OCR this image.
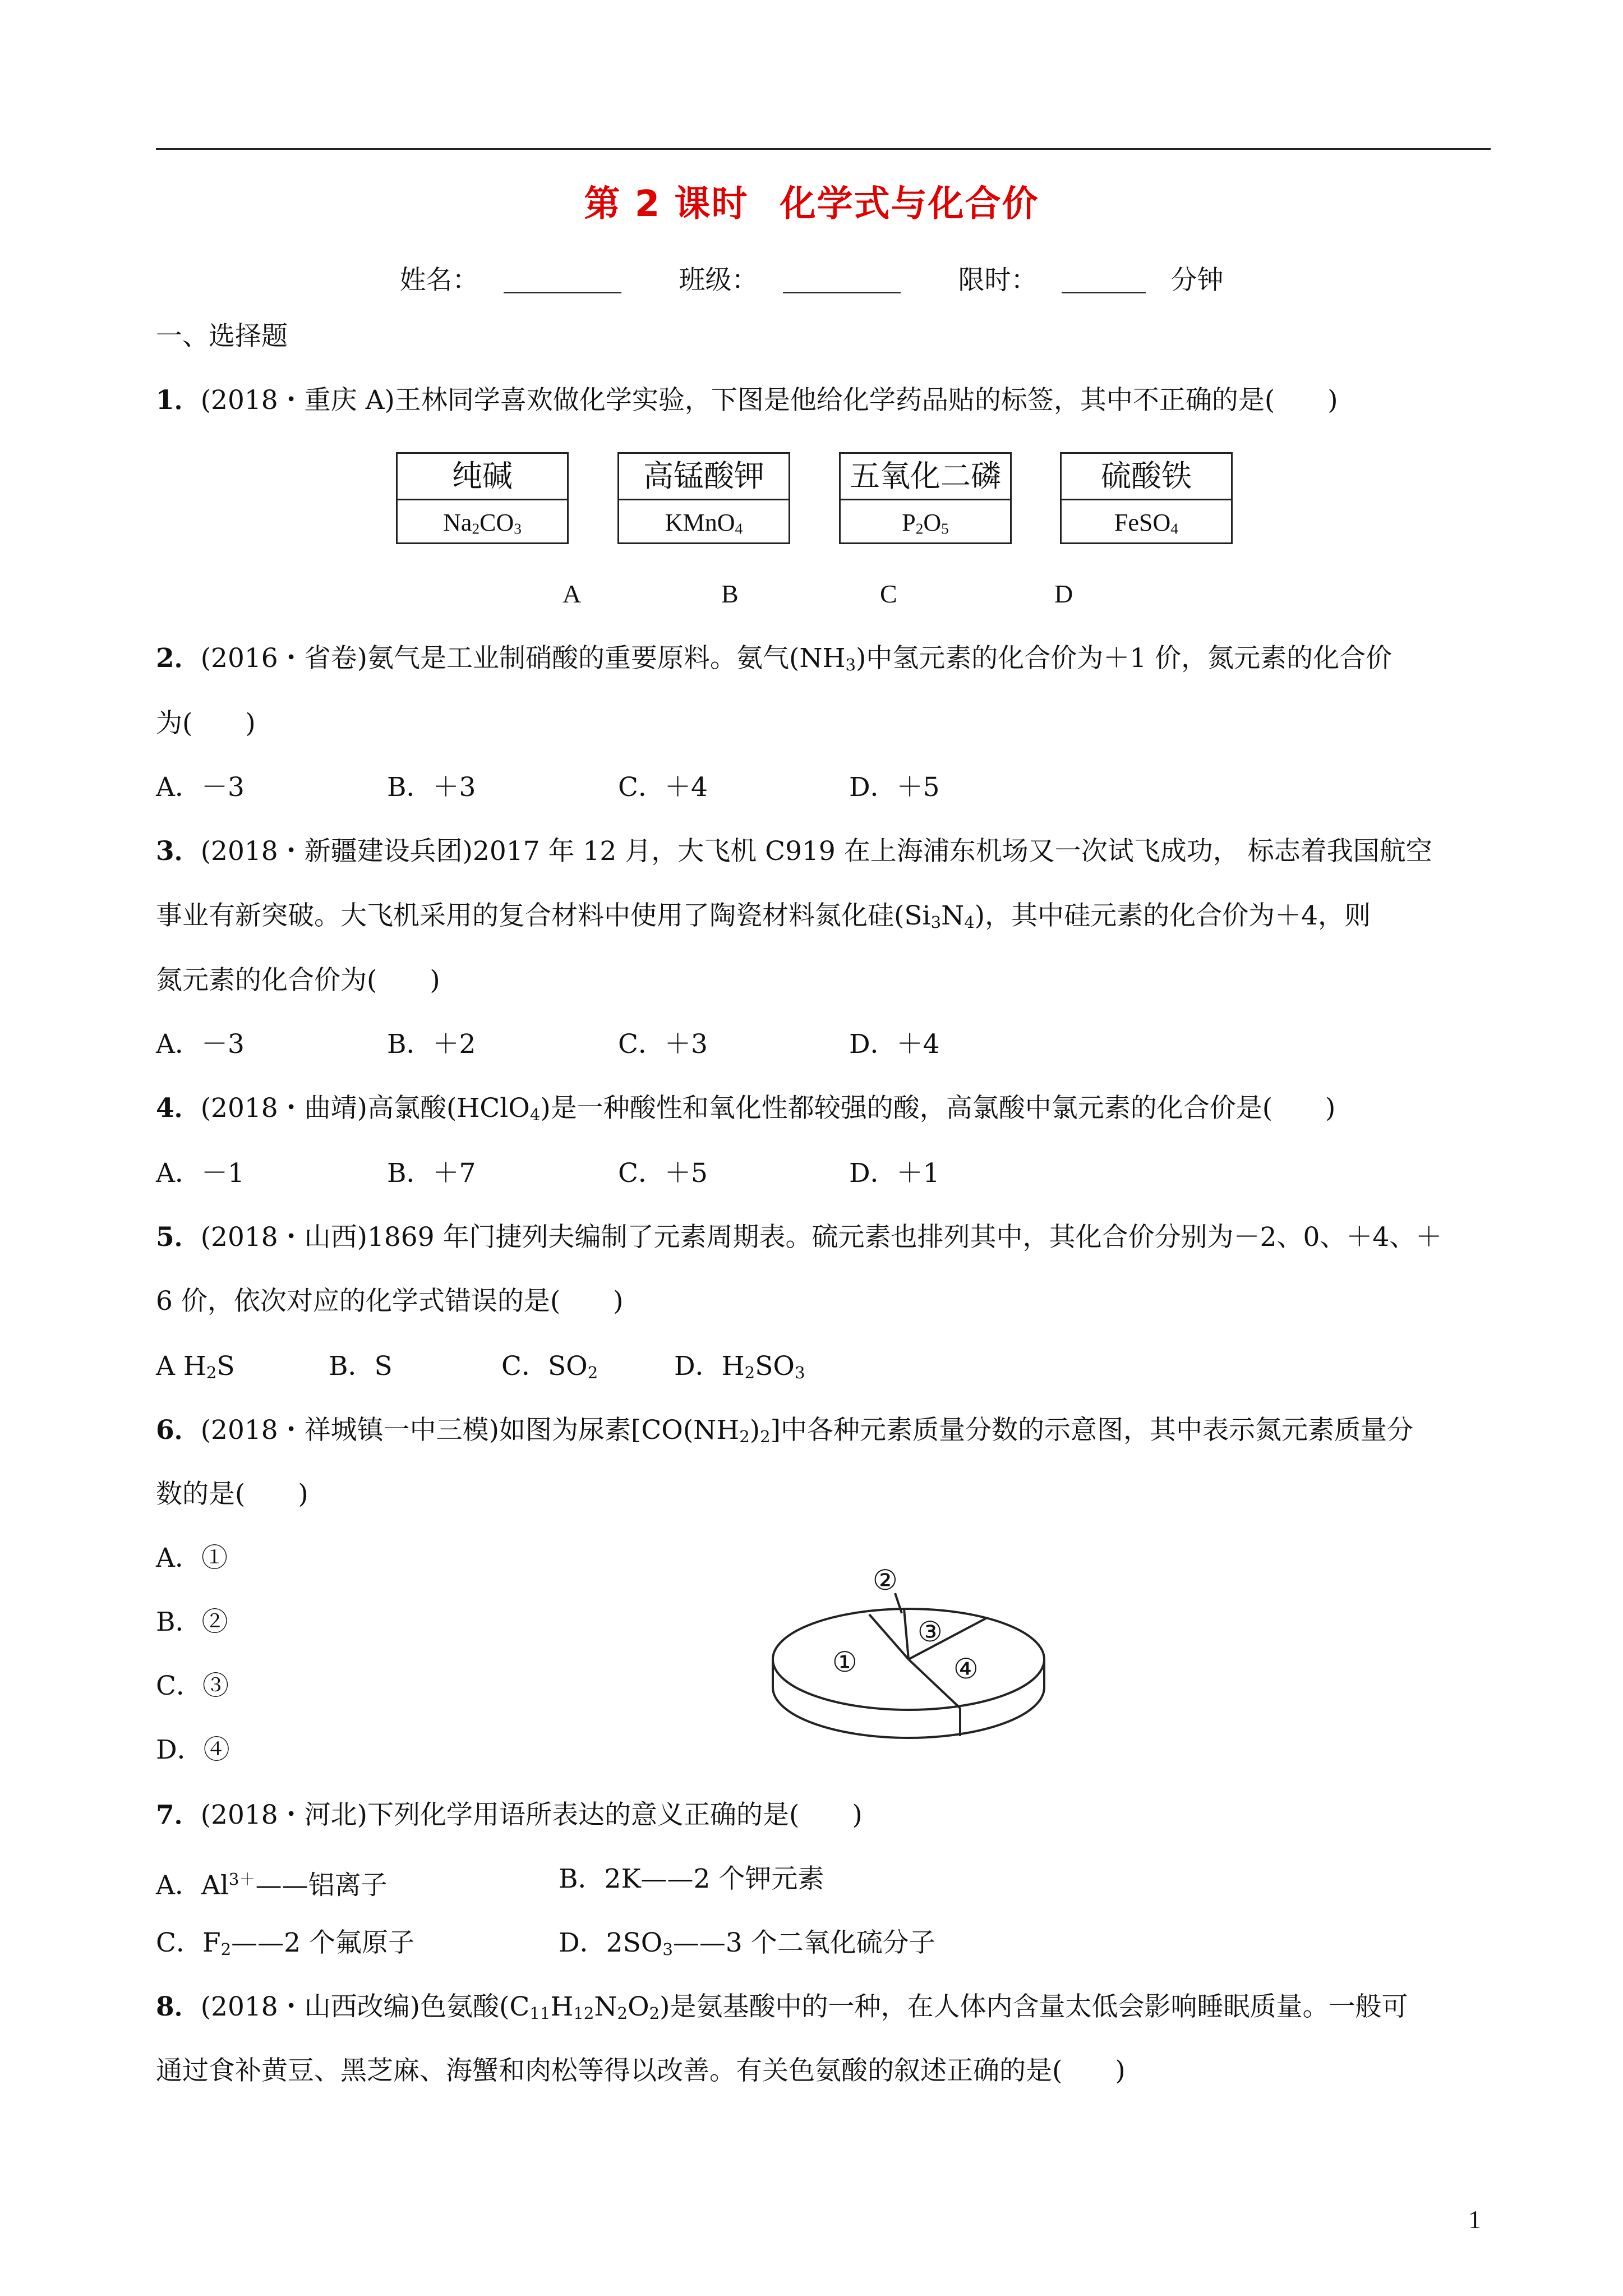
第 2 课时 化学式与化合价
姓名：	班级：	限时：	分钟
一、选择题
1．(2018・重庆 A)王林同学喜欢做化学实验，下图是他给化学药品贴的标签，其中不正确的是(　　)
纯碱
$Na_2CO_3$
高锰酸钾
KMnO$_4$
五氧化二磷
$P_2O_5$
硫酸铁
FeSO$_4$
A	B	C	D
2．(2016・省卷)氨气是工业制硝酸的重要原料。氨气$(NH_3)$中氢元素的化合价为＋1 价，氮元素的化合价
为(　　)
A．－3	B．＋3	C．＋4	D．＋5
3．(2018・新疆建设兵团)2017 年 12 月，大飞机 C919 在上海浦东机场又一次试飞成功， 标志着我国航空
事业有新突破。大飞机采用的复合材料中使用了陶瓷材料氮化硅$(Si_3N_4)$，其中硅元素的化合价为＋4，则
氮元素的化合价为(　　)
A．－3	B．＋2	C．＋3	D．＋4
4．(2018・曲靖)高氯酸(HClO$_4$)是一种酸性和氧化性都较强的酸，高氯酸中氯元素的化合价是(　　)
A．－1	B．＋7	C．＋5	D．＋1
5．(2018・山西)1869 年门捷列夫编制了元素周期表。硫元素也排列其中，其化合价分别为－2、0、＋4、＋
6 价，依次对应的化学式错误的是(　　)
A $H_2S$	B．S	C．$SO_2$	D．$H_2SO_3$
6．(2018・祥城镇一中三模)如图为尿素$[CO(NH_2)_2]$中各种元素质量分数的示意图，其中表示氮元素质量分
数的是(　　)
A．①
B．②
C．③
D．④
①
②
③
④
7．(2018・河北)下列化学用语所表达的意义正确的是(　　)
A．$Al^{3+}——$铝离子	B．2K——2 个钾元素
C．$F_2——2$ 个氟原子	D．$2SO_3——3$ 个二氧化硫分子
8．(2018・山西改编)色氨酸$(C_{11}H_{12}N_2O_2)$是氨基酸中的一种，在人体内含量太低会影响睡眠质量。一般可
通过食补黄豆、黑芝麻、海蟹和肉松等得以改善。有关色氨酸的叙述正确的是(　　)
1
